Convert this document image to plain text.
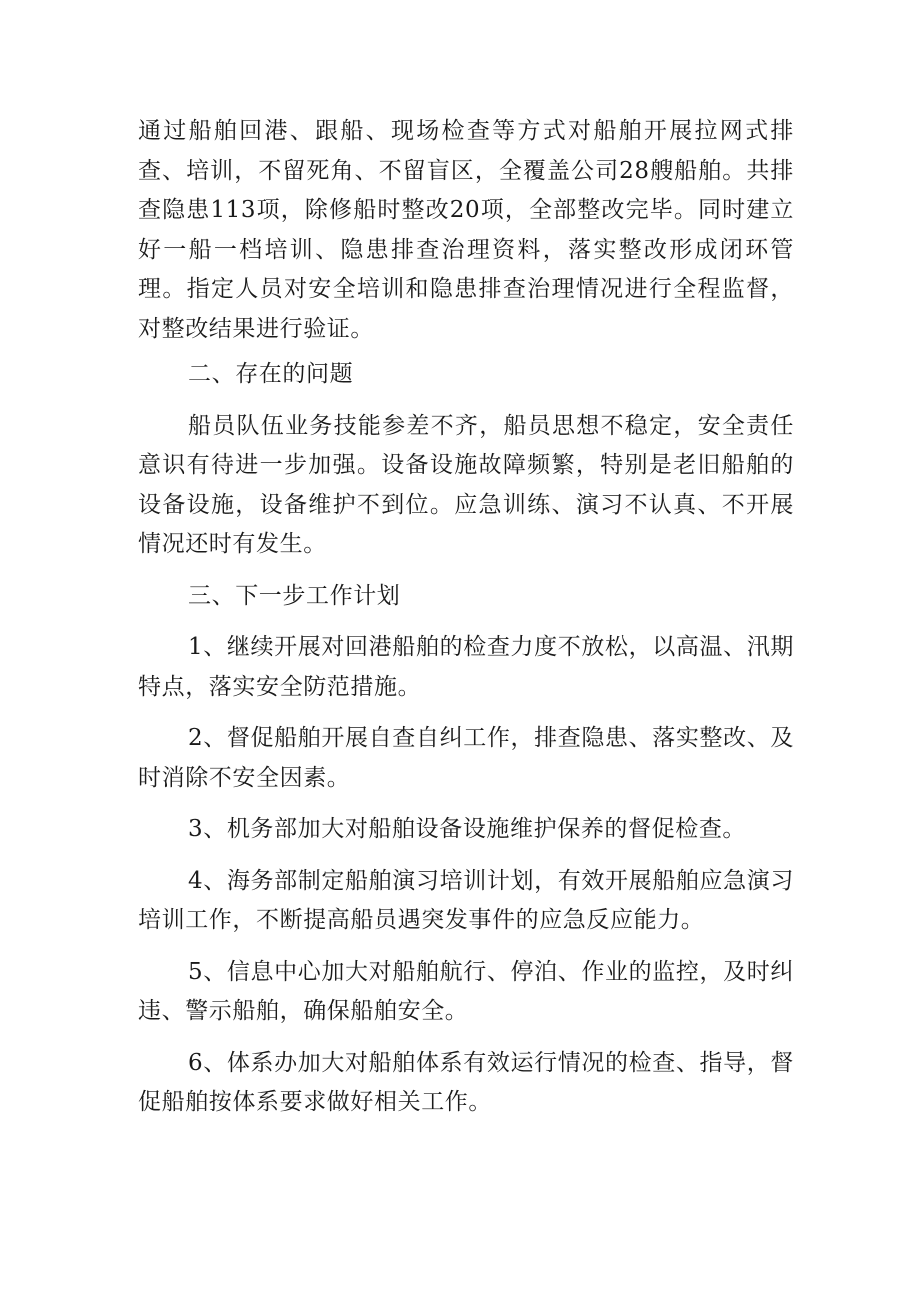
通过船舶回港、跟船、现场检查等方式对船舶开展拉网式排查、培训，不留死角、不留盲区，全覆盖公司28艘船舶。共排查隐患113项，除修船时整改20项，全部整改完毕。同时建立好一船一档培训、隐患排查治理资料，落实整改形成闭环管理。指定人员对安全培训和隐患排查治理情况进行全程监督，对整改结果进行验证。

二、存在的问题

船员队伍业务技能参差不齐，船员思想不稳定，安全责任意识有待进一步加强。设备设施故障频繁，特别是老旧船舶的设备设施，设备维护不到位。应急训练、演习不认真、不开展情况还时有发生。

三、下一步工作计划

1、继续开展对回港船舶的检查力度不放松，以高温、汛期特点，落实安全防范措施。

2、督促船舶开展自查自纠工作，排查隐患、落实整改、及时消除不安全因素。

3、机务部加大对船舶设备设施维护保养的督促检查。

4、海务部制定船舶演习培训计划，有效开展船舶应急演习培训工作，不断提高船员遇突发事件的应急反应能力。

5、信息中心加大对船舶航行、停泊、作业的监控，及时纠违、警示船舶，确保船舶安全。

6、体系办加大对船舶体系有效运行情况的检查、指导，督促船舶按体系要求做好相关工作。
